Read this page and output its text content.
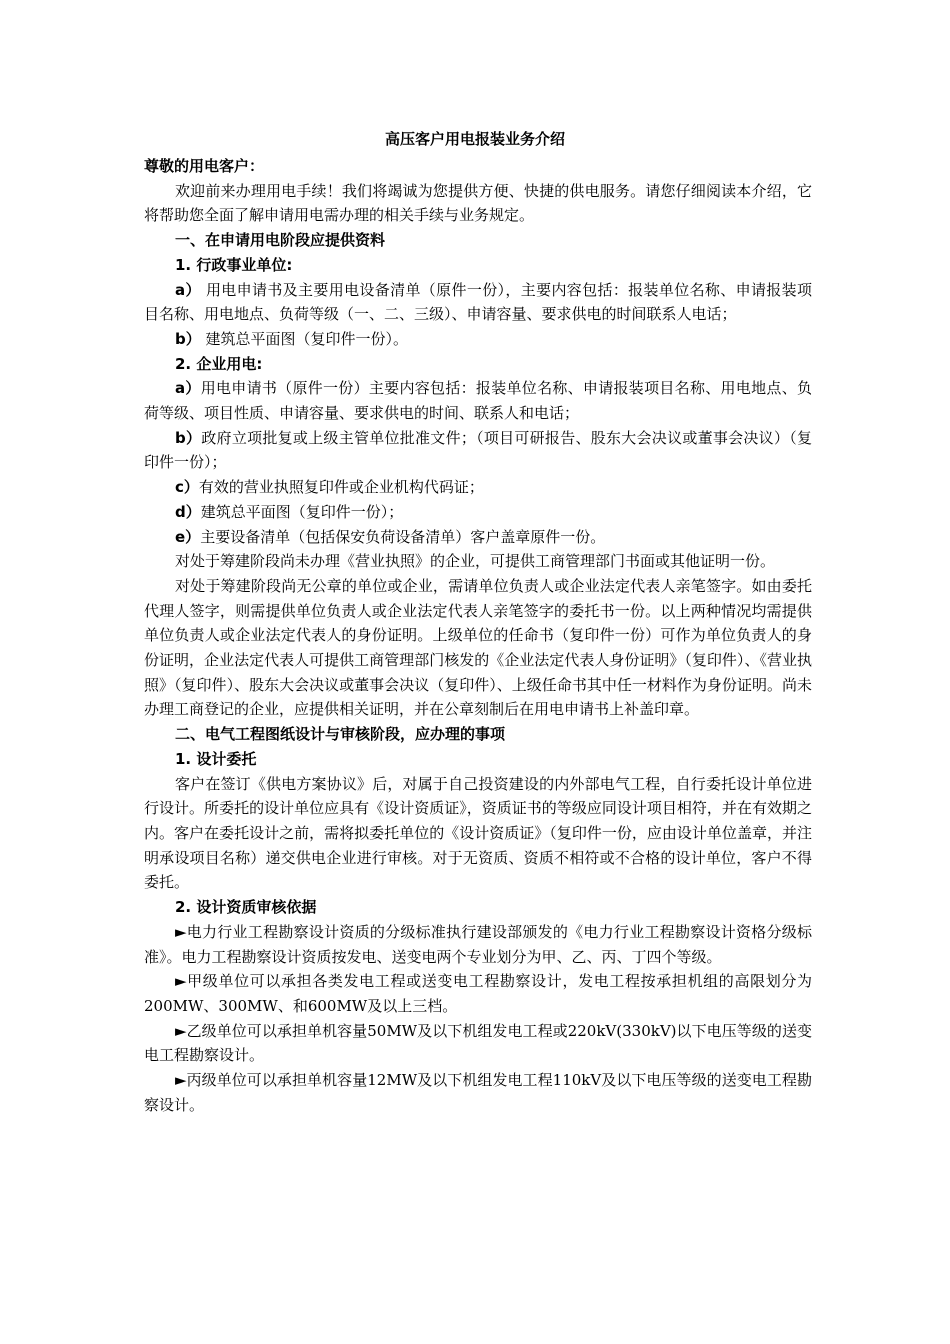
高压客户用电报装业务介绍

尊敬的用电客户：

欢迎前来办理用电手续！我们将竭诚为您提供方便、快捷的供电服务。请您仔细阅读本介绍，它将帮助您全面了解申请用电需办理的相关手续与业务规定。

一、在申请用电阶段应提供资料

1. 行政事业单位:

a） 用电申请书及主要用电设备清单（原件一份），主要内容包括：报装单位名称、申请报装项目名称、用电地点、负荷等级（一、二、三级）、申请容量、要求供电的时间联系人电话；

b） 建筑总平面图（复印件一份）。

2. 企业用电:

a）用电申请书（原件一份）主要内容包括：报装单位名称、申请报装项目名称、用电地点、负荷等级、项目性质、申请容量、要求供电的时间、联系人和电话；

b）政府立项批复或上级主管单位批准文件；（项目可研报告、股东大会决议或董事会决议）（复印件一份）；

c）有效的营业执照复印件或企业机构代码证；

d）建筑总平面图（复印件一份）；

e）主要设备清单（包括保安负荷设备清单）客户盖章原件一份。

对处于筹建阶段尚未办理《营业执照》的企业，可提供工商管理部门书面或其他证明一份。

对处于筹建阶段尚无公章的单位或企业，需请单位负责人或企业法定代表人亲笔签字。如由委托代理人签字，则需提供单位负责人或企业法定代表人亲笔签字的委托书一份。以上两种情况均需提供单位负责人或企业法定代表人的身份证明。上级单位的任命书（复印件一份）可作为单位负责人的身份证明，企业法定代表人可提供工商管理部门核发的《企业法定代表人身份证明》（复印件）、《营业执照》（复印件）、股东大会决议或董事会决议（复印件）、上级任命书其中任一材料作为身份证明。尚未办理工商登记的企业，应提供相关证明，并在公章刻制后在用电申请书上补盖印章。

二、电气工程图纸设计与审核阶段，应办理的事项

1. 设计委托

客户在签订《供电方案协议》后，对属于自己投资建设的内外部电气工程，自行委托设计单位进行设计。所委托的设计单位应具有《设计资质证》，资质证书的等级应同设计项目相符，并在有效期之内。客户在委托设计之前，需将拟委托单位的《设计资质证》（复印件一份，应由设计单位盖章，并注明承设项目名称）递交供电企业进行审核。对于无资质、资质不相符或不合格的设计单位，客户不得委托。

2. 设计资质审核依据

►电力行业工程勘察设计资质的分级标准执行建设部颁发的《电力行业工程勘察设计资格分级标准》。电力工程勘察设计资质按发电、送变电两个专业划分为甲、乙、丙、丁四个等级。

►甲级单位可以承担各类发电工程或送变电工程勘察设计，发电工程按承担机组的高限划分为200MW、300MW、和600MW及以上三档。

►乙级单位可以承担单机容量50MW及以下机组发电工程或220kV(330kV)以下电压等级的送变电工程勘察设计。

►丙级单位可以承担单机容量12MW及以下机组发电工程110kV及以下电压等级的送变电工程勘察设计。
